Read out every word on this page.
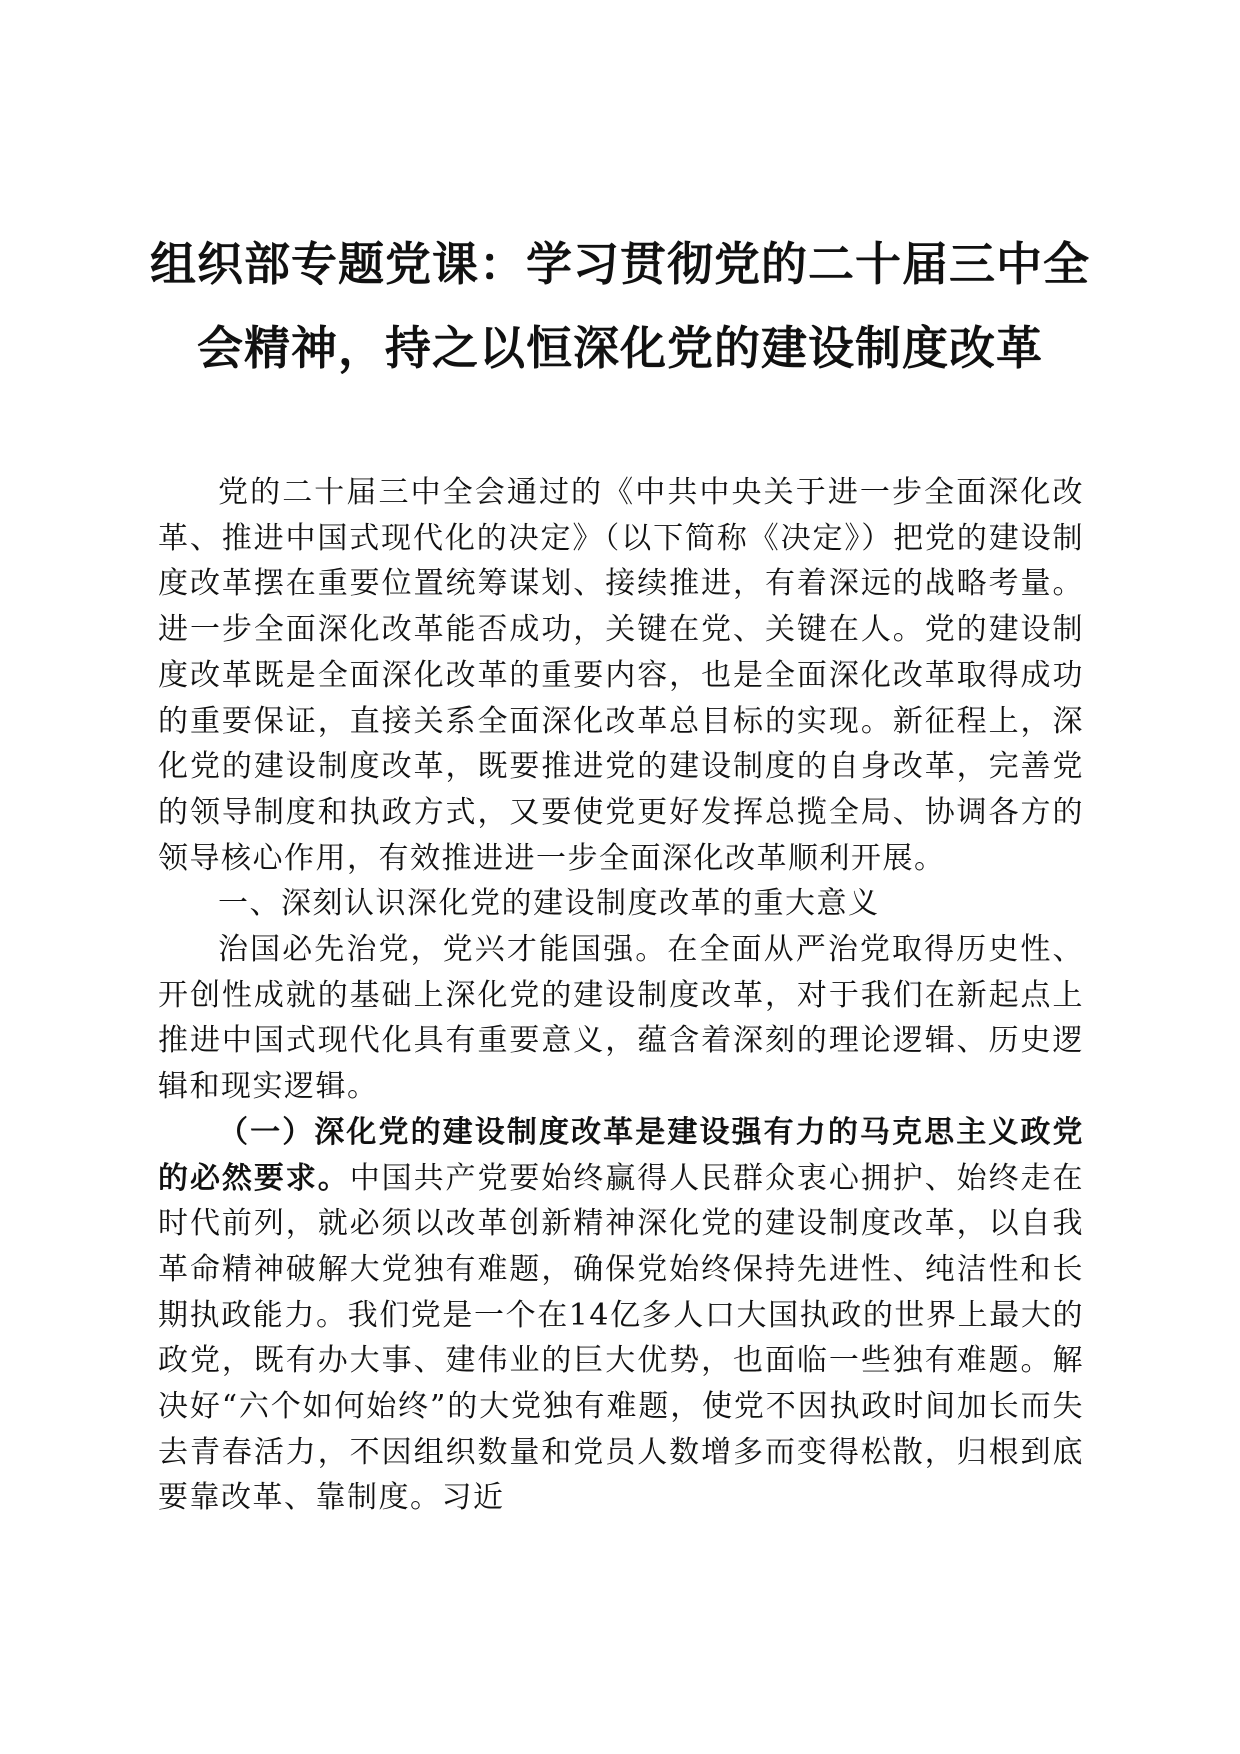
组织部专题党课：学习贯彻党的二十届三中全
会精神，持之以恒深化党的建设制度改革

党的二十届三中全会通过的《中共中央关于进一步全面深化改革、推进中国式现代化的决定》（以下简称《决定》）把党的建设制度改革摆在重要位置统筹谋划、接续推进，有着深远的战略考量。进一步全面深化改革能否成功，关键在党、关键在人。党的建设制度改革既是全面深化改革的重要内容，也是全面深化改革取得成功的重要保证，直接关系全面深化改革总目标的实现。新征程上，深化党的建设制度改革，既要推进党的建设制度的自身改革，完善党的领导制度和执政方式，又要使党更好发挥总揽全局、协调各方的领导核心作用，有效推进进一步全面深化改革顺利开展。

一、深刻认识深化党的建设制度改革的重大意义

治国必先治党，党兴才能国强。在全面从严治党取得历史性、开创性成就的基础上深化党的建设制度改革，对于我们在新起点上推进中国式现代化具有重要意义，蕴含着深刻的理论逻辑、历史逻辑和现实逻辑。

（一）深化党的建设制度改革是建设强有力的马克思主义政党的必然要求。中国共产党要始终赢得人民群众衷心拥护、始终走在时代前列，就必须以改革创新精神深化党的建设制度改革，以自我革命精神破解大党独有难题，确保党始终保持先进性、纯洁性和长期执政能力。我们党是一个在14亿多人口大国执政的世界上最大的政党，既有办大事、建伟业的巨大优势，也面临一些独有难题。解决好“六个如何始终”的大党独有难题，使党不因执政时间加长而失去青春活力，不因组织数量和党员人数增多而变得松散，归根到底要靠改革、靠制度。习近
